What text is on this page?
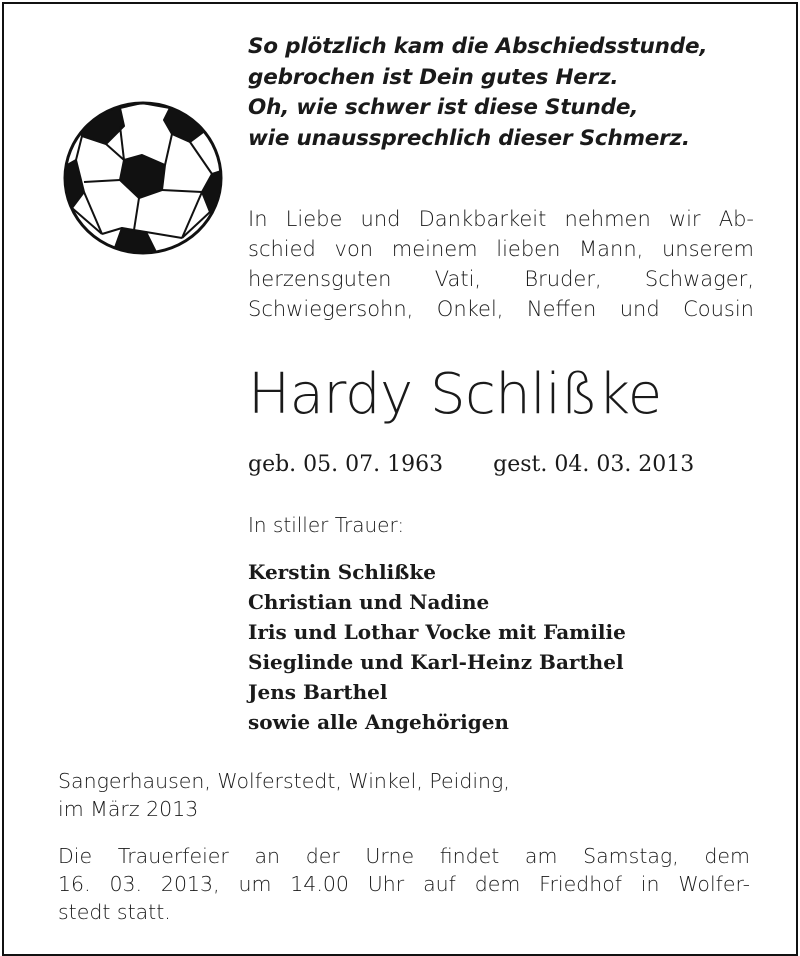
So plötzlich kam die Abschiedsstunde,
gebrochen ist Dein gutes Herz.
Oh, wie schwer ist diese Stunde,
wie unaussprechlich dieser Schmerz.
In Liebe und Dankbarkeit nehmen wir Ab-
schied von meinem lieben Mann, unserem
herzensguten Vati, Bruder, Schwager,
Schwiegersohn, Onkel, Neffen und Cousin
Hardy Schlißke
geb. 05. 07. 1963 gest. 04. 03. 2013
In stiller Trauer:
Kerstin Schlißke
Christian und Nadine
Iris und Lothar Vocke mit Familie
Sieglinde und Karl-Heinz Barthel
Jens Barthel
sowie alle Angehörigen
Sangerhausen, Wolferstedt, Winkel, Peiding,
im März 2013
Die Trauerfeier an der Urne findet am Samstag, dem
16. 03. 2013, um 14.00 Uhr auf dem Friedhof in Wolfer-
stedt statt.
